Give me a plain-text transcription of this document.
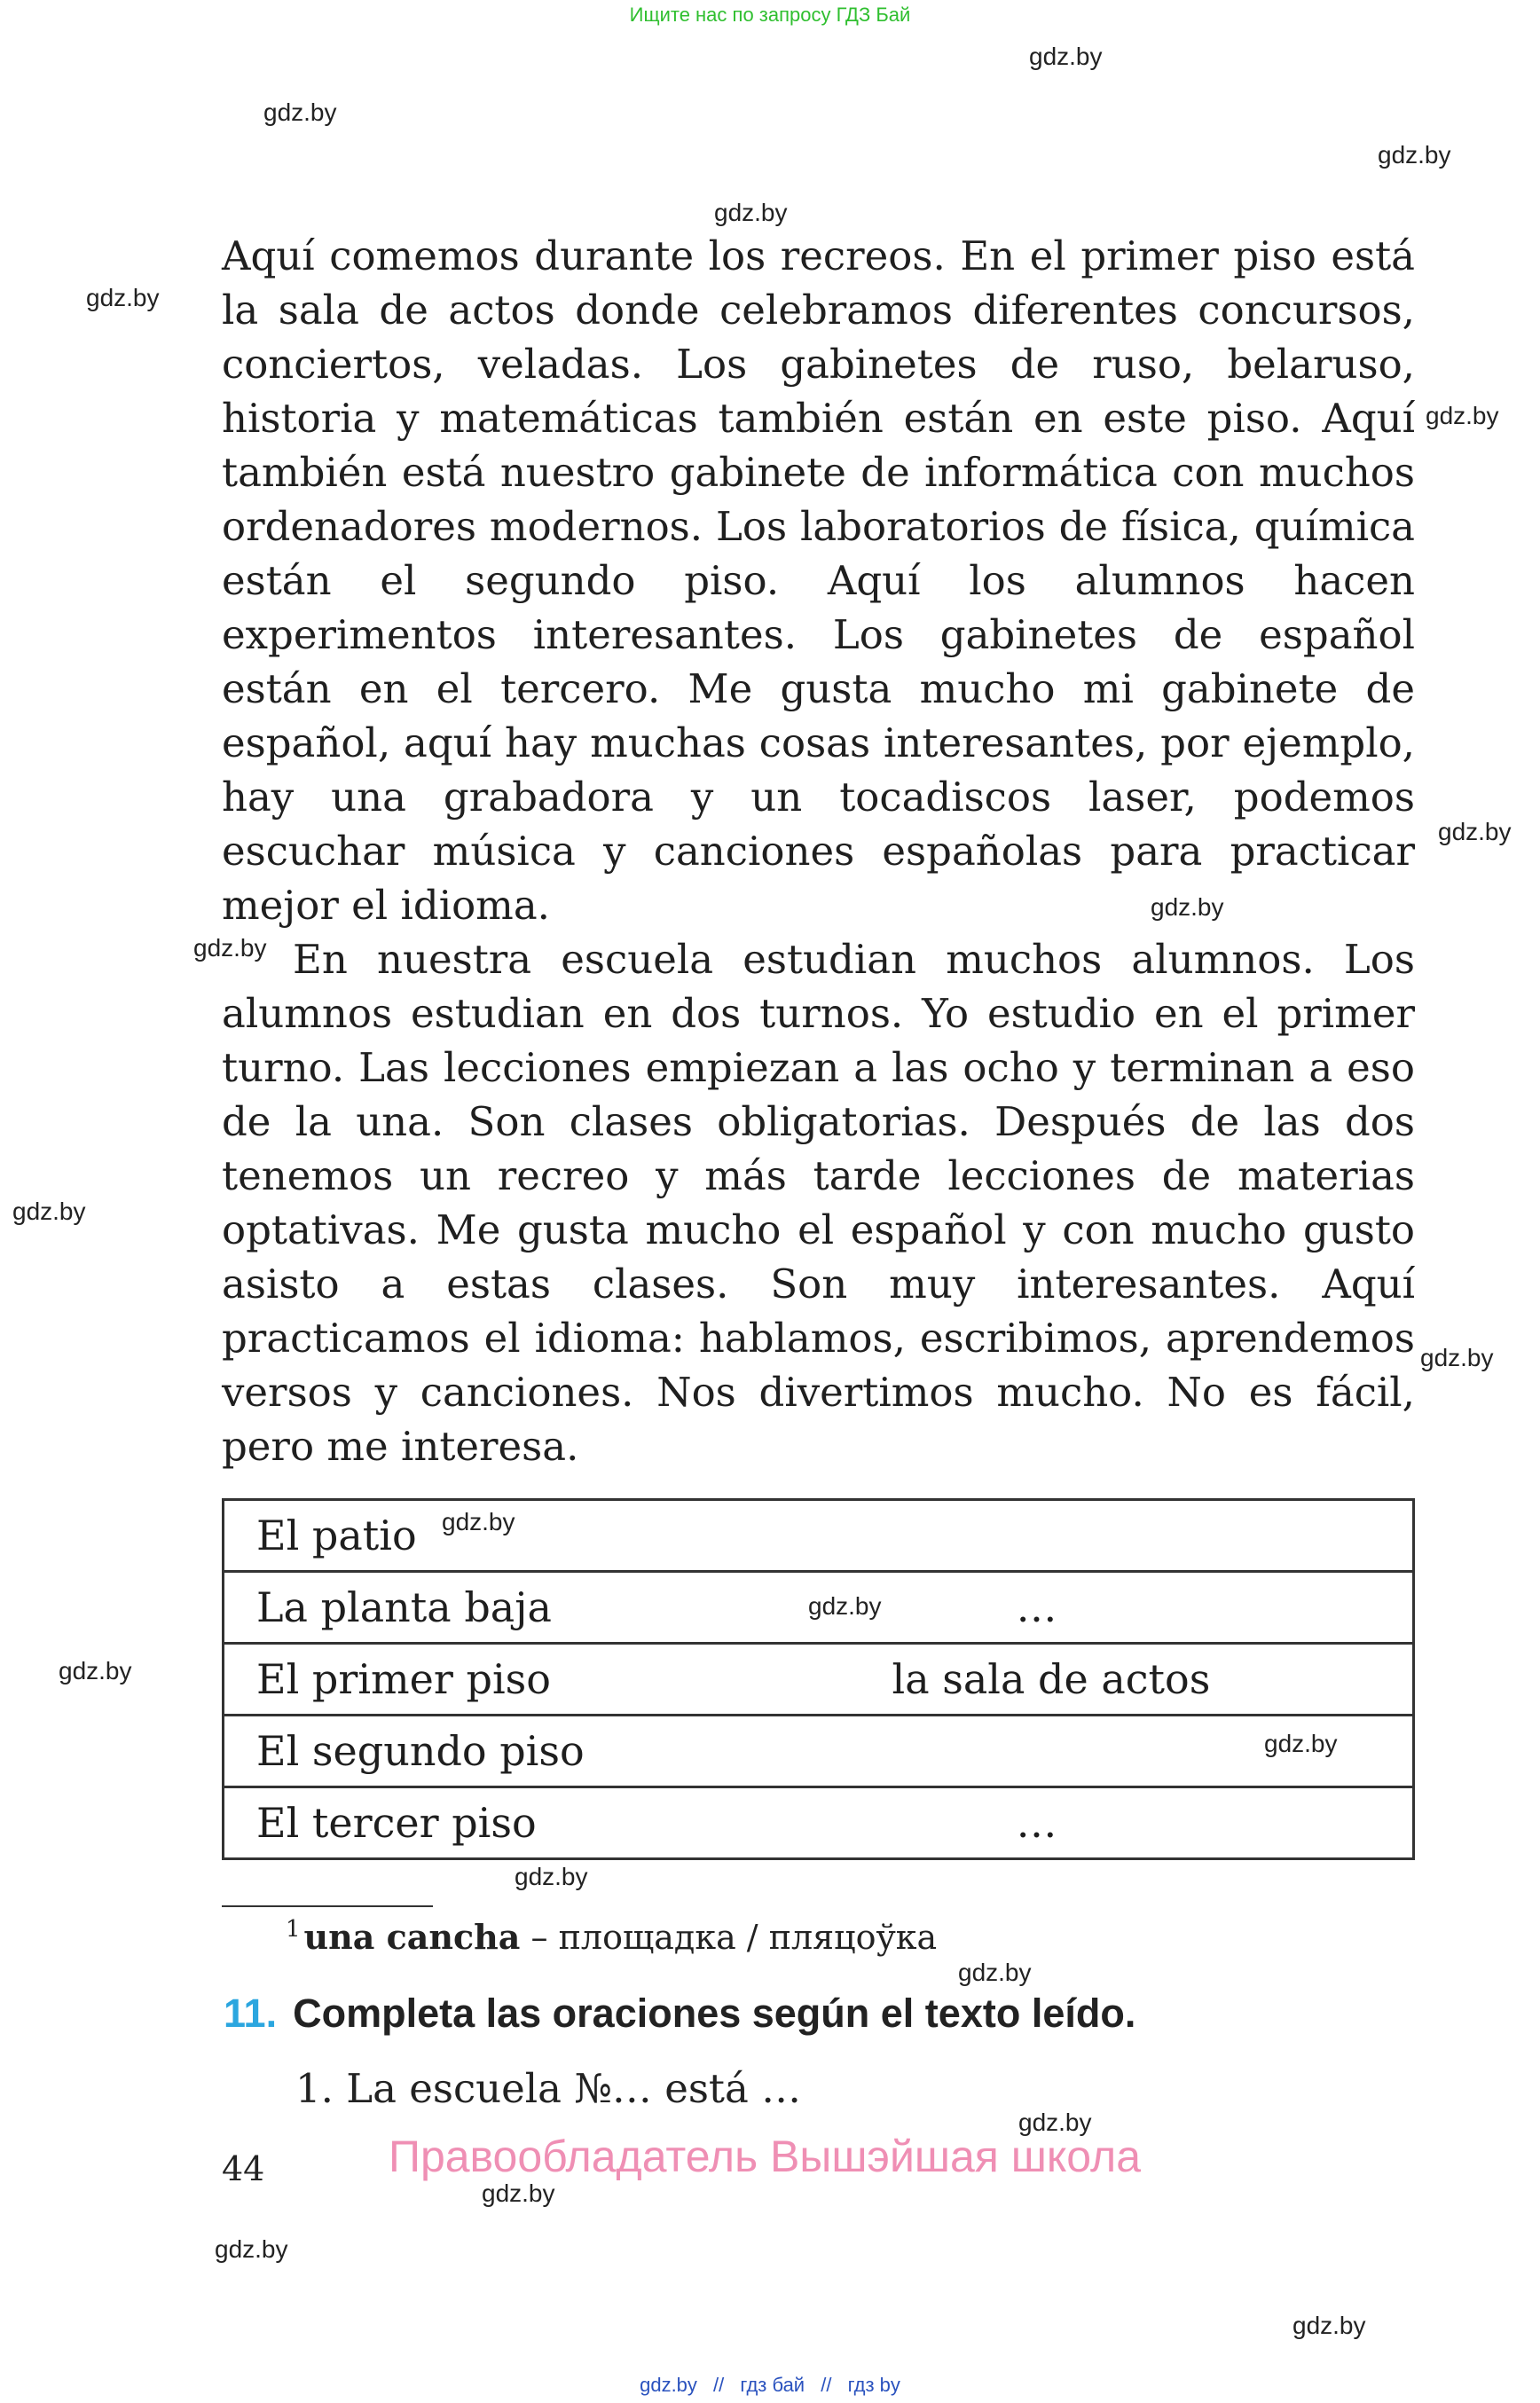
Ищите нас по запросу ГДЗ Бай
gdz.by
gdz.by
gdz.by
gdz.by
gdz.by
gdz.by
gdz.by
gdz.by
gdz.by
gdz.by
gdz.by
gdz.by
gdz.by
gdz.by
gdz.by
gdz.by
gdz.by
gdz.by
gdz.by
gdz.by
gdz.by

Aquí comemos durante los recreos. En el primer piso está la sala de actos donde celebramos diferentes concursos, conciertos, veladas. Los gabinetes de ruso, belaruso, historia y matemáticas también están en este piso. Aquí también está nuestro gabinete de informática con muchos ordenadores modernos. Los laboratorios de física, química están el segundo piso. Aquí los alumnos hacen experimentos interesantes. Los gabinetes de español están en el tercero. Me gusta mucho mi gabinete de español, aquí hay muchas cosas interesantes, por ejemplo, hay una grabadora y un tocadiscos laser, podemos escuchar música y canciones españolas para practicar mejor el idioma.

En nuestra escuela estudian muchos alumnos. Los alumnos estudian en dos turnos. Yo estudio en el primer turno. Las lecciones empiezan a las ocho y terminan a eso de la una. Son clases obligatorias. Después de las dos tenemos un recreo y más tarde lecciones de materias optativas. Me gusta mucho el español y con mucho gusto asisto a estas clases. Son muy interesantes. Aquí practicamos el idioma: hablamos, escribimos, aprendemos versos y canciones. Nos divertimos mucho. No es fácil, pero me interesa.

El patio	
La planta baja	…
El primer piso	la sala de actos
El segundo piso	
El tercer piso	…
$^1$ una cancha – площадка / пляцоўка
11. Completa las oraciones según el texto leído.
1. La escuela №… está …
44	Правообладатель Вышэйшая школа
gdz.by // гдз бай // гдз by
